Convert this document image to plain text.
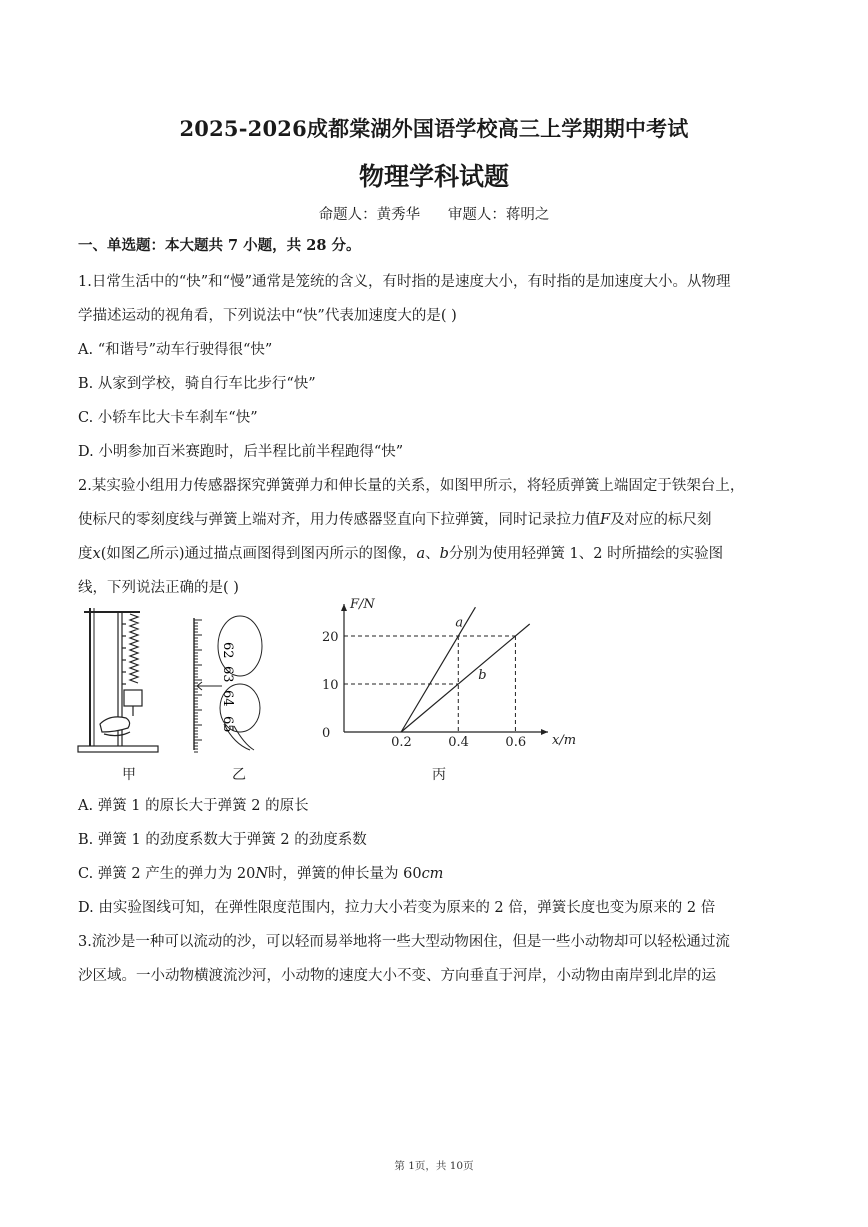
2025-2026成都棠湖外国语学校高三上学期期中考试
物理学科试题
命题人：黄秀华      审题人：蒋明之
一、单选题：本大题共 7 小题，共 28 分。
1.日常生活中的“快”和“慢”通常是笼统的含义，有时指的是速度大小，有时指的是加速度大小。从物理
学描述运动的视角看，下列说法中“快”代表加速度大的是( )
A. “和谐号”动车行驶得很“快”
B. 从家到学校，骑自行车比步行“快”
C. 小轿车比大卡车刹车“快”
D. 小明参加百米赛跑时，后半程比前半程跑得“快”
2.某实验小组用力传感器探究弹簧弹力和伸长量的关系，如图甲所示，将轻质弹簧上端固定于铁架台上，
使标尺的零刻度线与弹簧上端对齐，用力传感器竖直向下拉弹簧，同时记录拉力值F及对应的标尺刻
度x(如图乙所示)通过描点画图得到图丙所示的图像，a、b分别为使用轻弹簧 1、2 时所描绘的实验图
线，下列说法正确的是( )
62
63
64
65
F/N
x/m
0
10
20
0.2	0.4	0.6
a
b
甲	乙	丙
A. 弹簧 1 的原长大于弹簧 2 的原长
B. 弹簧 1 的劲度系数大于弹簧 2 的劲度系数
C. 弹簧 2 产生的弹力为 20N时，弹簧的伸长量为 60cm
D. 由实验图线可知，在弹性限度范围内，拉力大小若变为原来的 2 倍，弹簧长度也变为原来的 2 倍
3.流沙是一种可以流动的沙，可以轻而易举地将一些大型动物困住，但是一些小动物却可以轻松通过流
沙区域。一小动物横渡流沙河，小动物的速度大小不变、方向垂直于河岸，小动物由南岸到北岸的运
第 1页，共 10页
